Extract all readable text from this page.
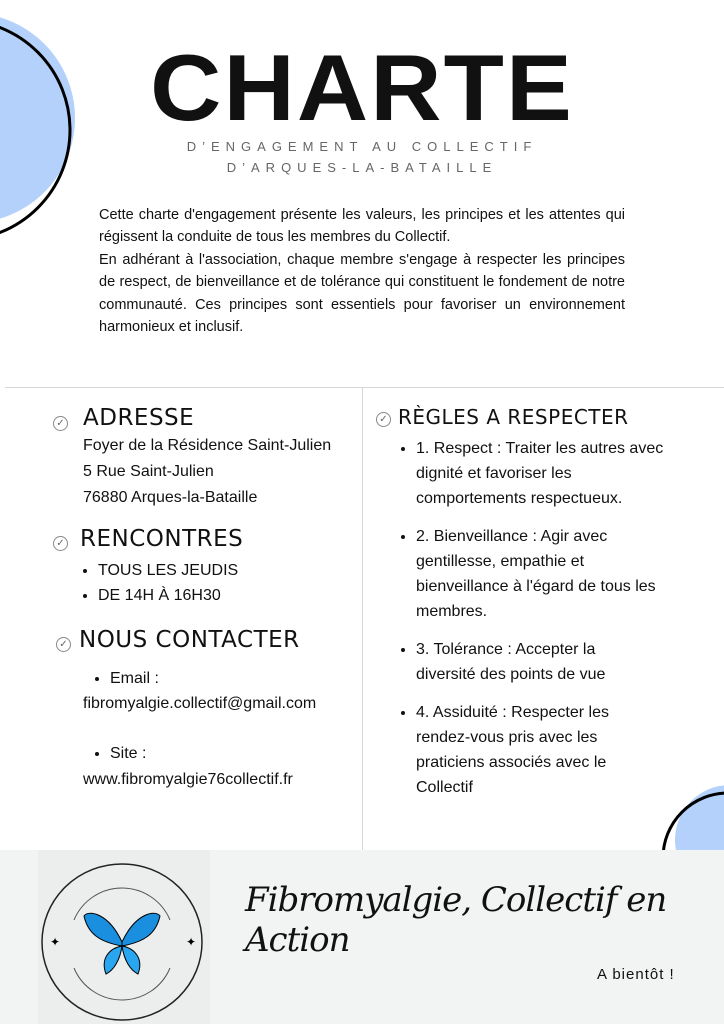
CHARTE
D’ENGAGEMENT AU COLLECTIF
D’ARQUES-LA-BATAILLE

Cette charte d'engagement présente les valeurs, les principes et les attentes qui régissent la conduite de tous les membres du Collectif.

En adhérant à l'association, chaque membre s'engage à respecter les principes de respect, de bienveillance et de tolérance qui constituent le fondement de notre communauté. Ces principes sont essentiels pour favoriser un environnement harmonieux et inclusif.

✓ ADRESSE
Foyer de la Résidence Saint-Julien
5 Rue Saint-Julien
76880 Arques-la-Bataille
✓ RENCONTRES
• TOUS LES JEUDIS
• DE 14H À 16H30
✓ NOUS CONTACTER
• Email :
fibromyalgie.collectif@gmail.com
• Site :
www.fibromyalgie76collectif.fr
✓ RÈGLES A RESPECTER
• 1. Respect : Traiter les autres avec dignité et favoriser les comportements respectueux.
• 2. Bienveillance : Agir avec gentillesse, empathie et bienveillance à l'égard de tous les membres.
• 3. Tolérance : Accepter la diversité des points de vue
• 4. Assiduité : Respecter les rendez-vous pris avec les praticiens associés avec le Collectif
✦	✦
Fibromyalgie, Collectif en Action
A bientôt !
